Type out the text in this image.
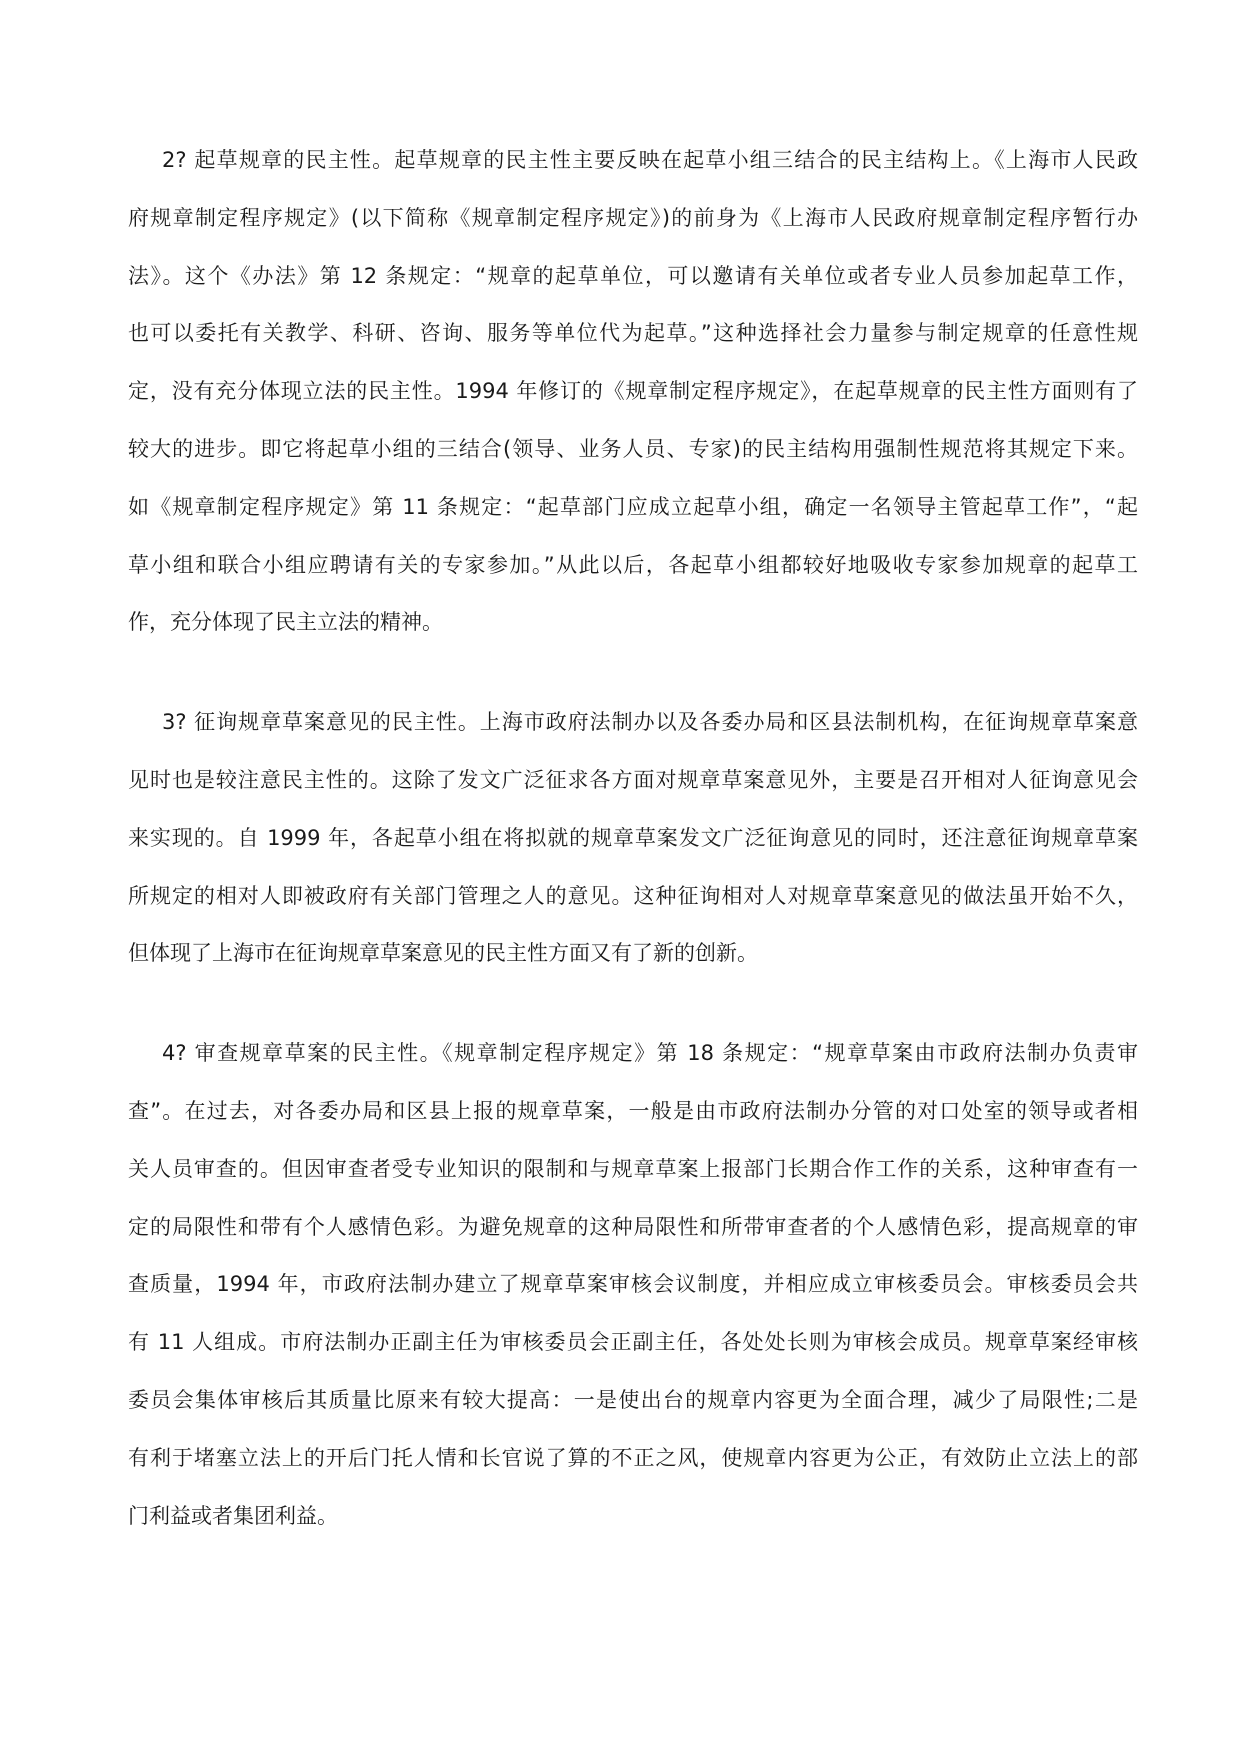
2? 起草规章的民主性。起草规章的民主性主要反映在起草小组三结合的民主结构上。《上海市人民政
府规章制定程序规定》(以下简称《规章制定程序规定》)的前身为《上海市人民政府规章制定程序暂行办
法》。这个《办法》第 12 条规定：“规章的起草单位，可以邀请有关单位或者专业人员参加起草工作，
也可以委托有关教学、科研、咨询、服务等单位代为起草。”这种选择社会力量参与制定规章的任意性规
定，没有充分体现立法的民主性。1994 年修订的《规章制定程序规定》，在起草规章的民主性方面则有了
较大的进步。即它将起草小组的三结合(领导、业务人员、专家)的民主结构用强制性规范将其规定下来。
如《规章制定程序规定》第 11 条规定：“起草部门应成立起草小组，确定一名领导主管起草工作”，“起
草小组和联合小组应聘请有关的专家参加。”从此以后，各起草小组都较好地吸收专家参加规章的起草工
作，充分体现了民主立法的精神。
3? 征询规章草案意见的民主性。上海市政府法制办以及各委办局和区县法制机构，在征询规章草案意
见时也是较注意民主性的。这除了发文广泛征求各方面对规章草案意见外，主要是召开相对人征询意见会
来实现的。自 1999 年，各起草小组在将拟就的规章草案发文广泛征询意见的同时，还注意征询规章草案
所规定的相对人即被政府有关部门管理之人的意见。这种征询相对人对规章草案意见的做法虽开始不久，
但体现了上海市在征询规章草案意见的民主性方面又有了新的创新。
4? 审查规章草案的民主性。《规章制定程序规定》第 18 条规定：“规章草案由市政府法制办负责审
查”。在过去，对各委办局和区县上报的规章草案，一般是由市政府法制办分管的对口处室的领导或者相
关人员审查的。但因审查者受专业知识的限制和与规章草案上报部门长期合作工作的关系，这种审查有一
定的局限性和带有个人感情色彩。为避免规章的这种局限性和所带审查者的个人感情色彩，提高规章的审
查质量，1994 年，市政府法制办建立了规章草案审核会议制度，并相应成立审核委员会。审核委员会共
有 11 人组成。市府法制办正副主任为审核委员会正副主任，各处处长则为审核会成员。规章草案经审核
委员会集体审核后其质量比原来有较大提高：一是使出台的规章内容更为全面合理，减少了局限性;二是
有利于堵塞立法上的开后门托人情和长官说了算的不正之风，使规章内容更为公正，有效防止立法上的部
门利益或者集团利益。
